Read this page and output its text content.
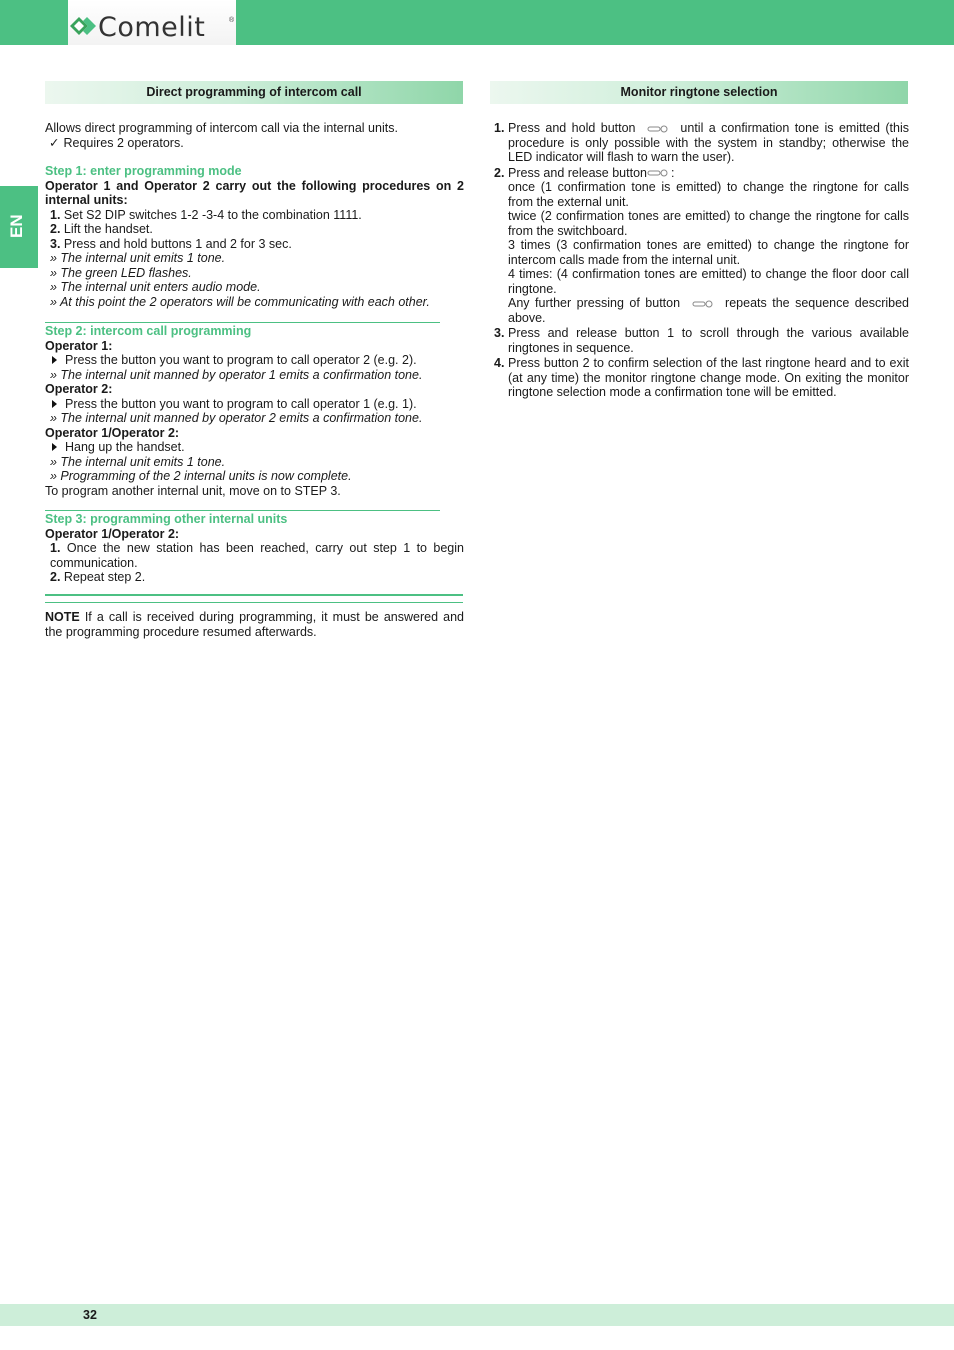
Comelit	®
EN
Direct programming of intercom call

Allows direct programming of intercom call via the internal units.

✓ Requires 2 operators.

Step 1: enter programming mode

Operator 1 and Operator 2 carry out the following procedures on 2 internal units:

1. Set S2 DIP switches 1-2 -3-4 to the combination 1111.

2. Lift the handset.

3. Press and hold buttons 1 and 2 for 3 sec.

» The internal unit emits 1 tone.

» The green LED flashes.

» The internal unit enters audio mode.

» At this point the 2 operators will be communicating with each other.

Step 2: intercom call programming

Operator 1:

Press the button you want to program to call operator 2 (e.g. 2).

» The internal unit manned by operator 1 emits a confirmation tone.

Operator 2:

Press the button you want to program to call operator 1 (e.g. 1).

» The internal unit manned by operator 2 emits a confirmation tone.

Operator 1/Operator 2:

Hang up the handset.

» The internal unit emits 1 tone.

» Programming of the 2 internal units is now complete.

To program another internal unit, move on to STEP 3.

Step 3: programming other internal units

Operator 1/Operator 2:

1. Once the new station has been reached, carry out step 1 to begin communication.

2. Repeat step 2.

NOTE If a call is received during programming, it must be answered and the programming procedure resumed afterwards.

Monitor ringtone selection
1. Press and hold button	until a confirmation tone is emitted (this procedure is only possible with the system in standby; otherwise the LED indicator will flash to warn the user).
2. Press and release button :

once (1 confirmation tone is emitted) to change the ringtone for calls from the external unit.

twice (2 confirmation tones are emitted) to change the ringtone for calls from the switchboard.

3 times (3 confirmation tones are emitted) to change the ringtone for intercom calls made from the internal unit.

4 times: (4 confirmation tones are emitted) to change the floor door call ringtone.

Any further pressing of button	repeats the sequence described above.

3. Press and release button 1 to scroll through the various available ringtones in sequence.
4. Press button 2 to confirm selection of the last ringtone heard and to exit (at any time) the monitor ringtone change mode. On exiting the monitor ringtone selection mode a confirmation tone will be emitted.
32
